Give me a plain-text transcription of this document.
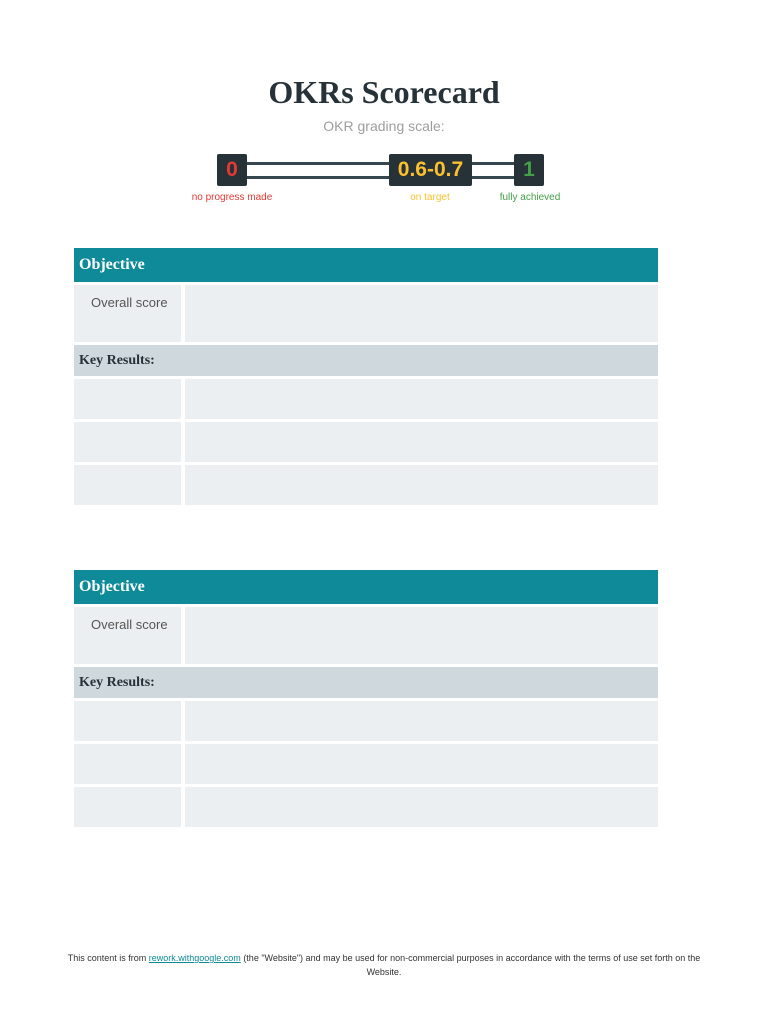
OKRs Scorecard
OKR grading scale:
0	0.6-0.7	1
no progress made	on target	fully achieved
Objective
Overall score
Key Results:
Objective
Overall score
Key Results:
This content is from rework.withgoogle.com (the "Website") and may be used for non-commercial purposes in accordance with the terms of use set forth on the Website.
